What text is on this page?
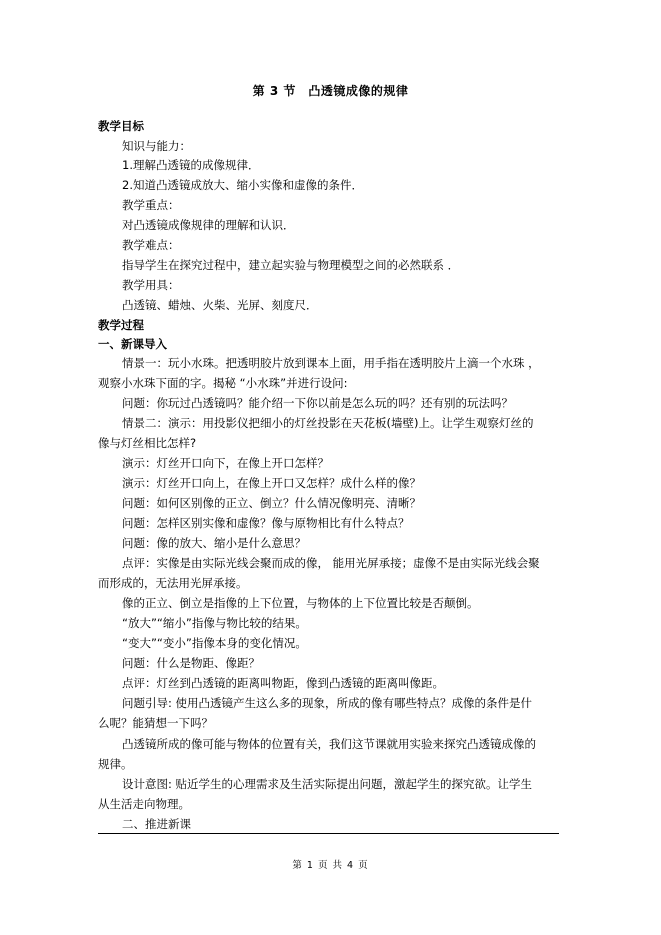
第 3 节　凸透镜成像的规律
教学目标
知识与能力：
1.理解凸透镜的成像规律．
2.知道凸透镜成放大、缩小实像和虚像的条件．
教学重点：
对凸透镜成像规律的理解和认识．
教学难点：
指导学生在探究过程中，建立起实验与物理模型之间的必然联系 ．
教学用具：
凸透镜、蜡烛、火柴、光屏、刻度尺．
教学过程
一、新课导入
情景一：玩小水珠。把透明胶片放到课本上面，用手指在透明胶片上滴一个水珠 ，
观察小水珠下面的字。揭秘 “小水珠”并进行设问:
问题：你玩过凸透镜吗？能介绍一下你以前是怎么玩的吗？还有别的玩法吗？
情景二：演示：用投影仪把细小的灯丝投影在天花板(墙壁)上。让学生观察灯丝的
像与灯丝相比怎样?
演示：灯丝开口向下，在像上开口怎样？
演示：灯丝开口向上，在像上开口又怎样？成什么样的像？
问题：如何区别像的正立、倒立？什么情况像明亮、清晰？
问题：怎样区别实像和虚像？像与原物相比有什么特点？
问题：像的放大、缩小是什么意思？
点评：实像是由实际光线会聚而成的像， 能用光屏承接；虚像不是由实际光线会聚
而形成的，无法用光屏承接。
像的正立、倒立是指像的上下位置，与物体的上下位置比较是否颠倒。
“放大”“缩小”指像与物比较的结果。
“变大”“变小”指像本身的变化情况。
问题：什么是物距、像距？
点评：灯丝到凸透镜的距离叫物距，像到凸透镜的距离叫像距。
问题引导: 使用凸透镜产生这么多的现象，所成的像有哪些特点？成像的条件是什
么呢？能猜想一下吗？
凸透镜所成的像可能与物体的位置有关，我们这节课就用实验来探究凸透镜成像的
规律。
设计意图: 贴近学生的心理需求及生活实际提出问题，激起学生的探究欲。让学生
从生活走向物理。
二、推进新课
第 1 页 共 4 页
